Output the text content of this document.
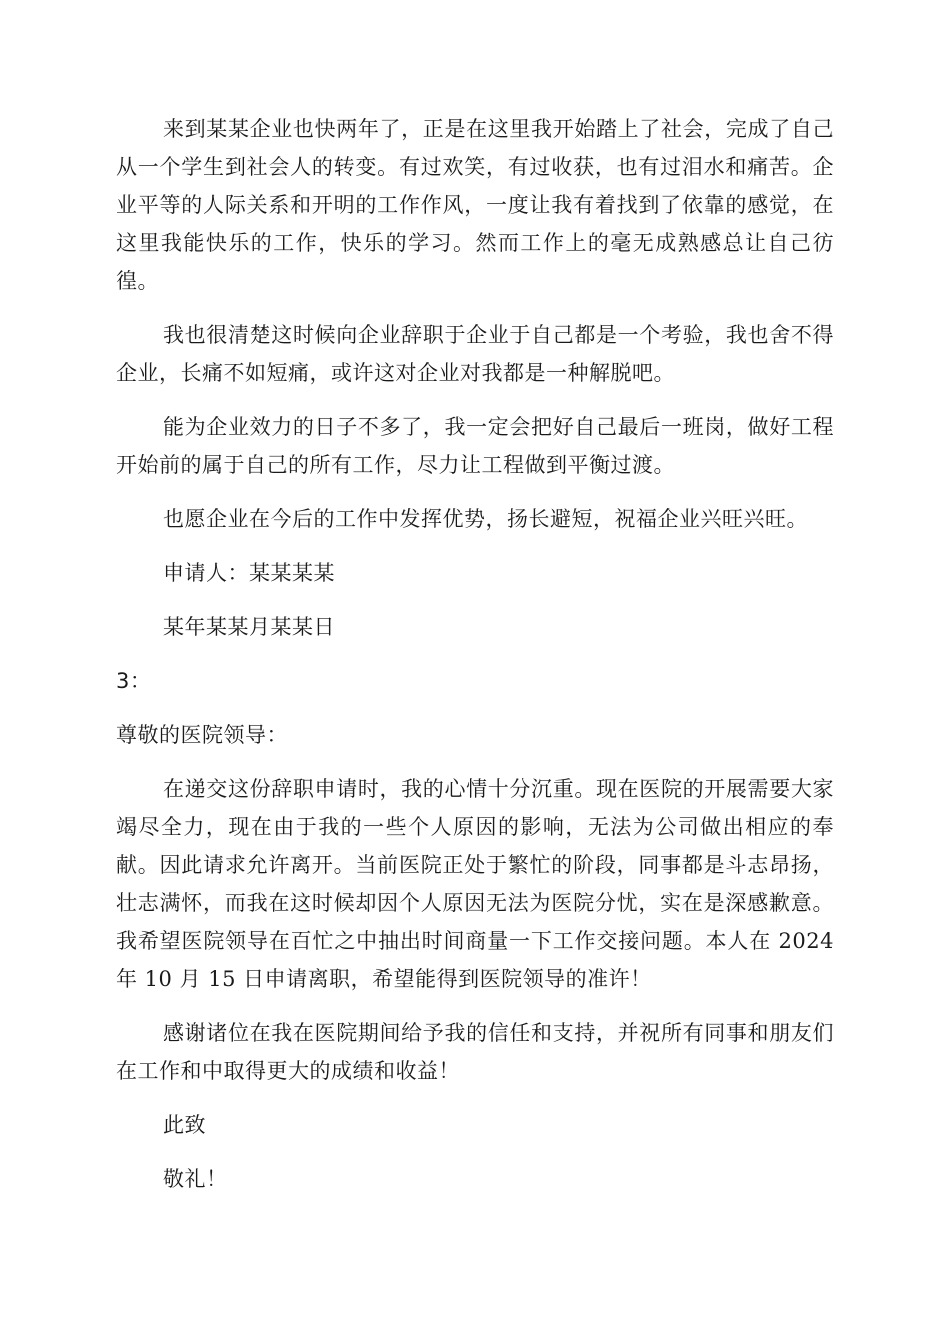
来到某某企业也快两年了，正是在这里我开始踏上了社会，完成了自己从一个学生到社会人的转变。有过欢笑，有过收获，也有过泪水和痛苦。企业平等的人际关系和开明的工作作风，一度让我有着找到了依靠的感觉，在这里我能快乐的工作，快乐的学习。然而工作上的毫无成熟感总让自己彷徨。

我也很清楚这时候向企业辞职于企业于自己都是一个考验，我也舍不得企业，长痛不如短痛，或许这对企业对我都是一种解脱吧。

能为企业效力的日子不多了，我一定会把好自己最后一班岗，做好工程开始前的属于自己的所有工作，尽力让工程做到平衡过渡。

也愿企业在今后的工作中发挥优势，扬长避短，祝福企业兴旺兴旺。

申请人：某某某某

某年某某月某某日

3：

尊敬的医院领导：

在递交这份辞职申请时，我的心情十分沉重。现在医院的开展需要大家竭尽全力，现在由于我的一些个人原因的影响，无法为公司做出相应的奉献。因此请求允许离开。当前医院正处于繁忙的阶段，同事都是斗志昂扬，壮志满怀，而我在这时候却因个人原因无法为医院分忧，实在是深感歉意。我希望医院领导在百忙之中抽出时间商量一下工作交接问题。本人在 2024 年 10 月 15 日申请离职，希望能得到医院领导的准许！

感谢诸位在我在医院期间给予我的信任和支持，并祝所有同事和朋友们在工作和中取得更大的成绩和收益！

此致

敬礼！
